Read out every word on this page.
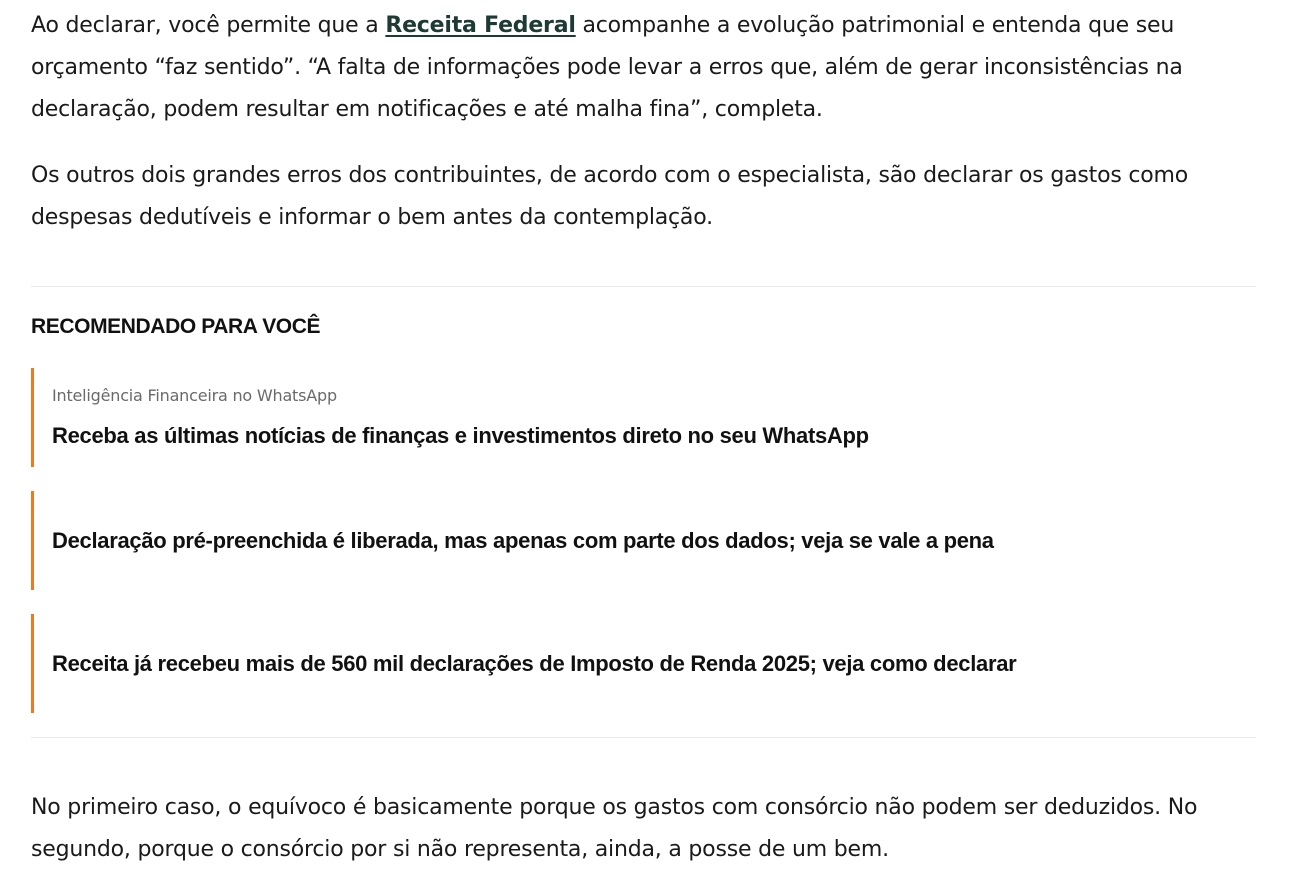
Ao declarar, você permite que a Receita Federal acompanhe a evolução patrimonial e entenda que seu orçamento “faz sentido”. “A falta de informações pode levar a erros que, além de gerar inconsistências na declaração, podem resultar em notificações e até malha fina”, completa.

Os outros dois grandes erros dos contribuintes, de acordo com o especialista, são declarar os gastos como despesas dedutíveis e informar o bem antes da contemplação.

RECOMENDADO PARA VOCÊ
Inteligência Financeira no WhatsApp
Receba as últimas notícias de finanças e investimentos direto no seu WhatsApp
Declaração pré-preenchida é liberada, mas apenas com parte dos dados; veja se vale a pena
Receita já recebeu mais de 560 mil declarações de Imposto de Renda 2025; veja como declarar

No primeiro caso, o equívoco é basicamente porque os gastos com consórcio não podem ser deduzidos. No segundo, porque o consórcio por si não representa, ainda, a posse de um bem.
